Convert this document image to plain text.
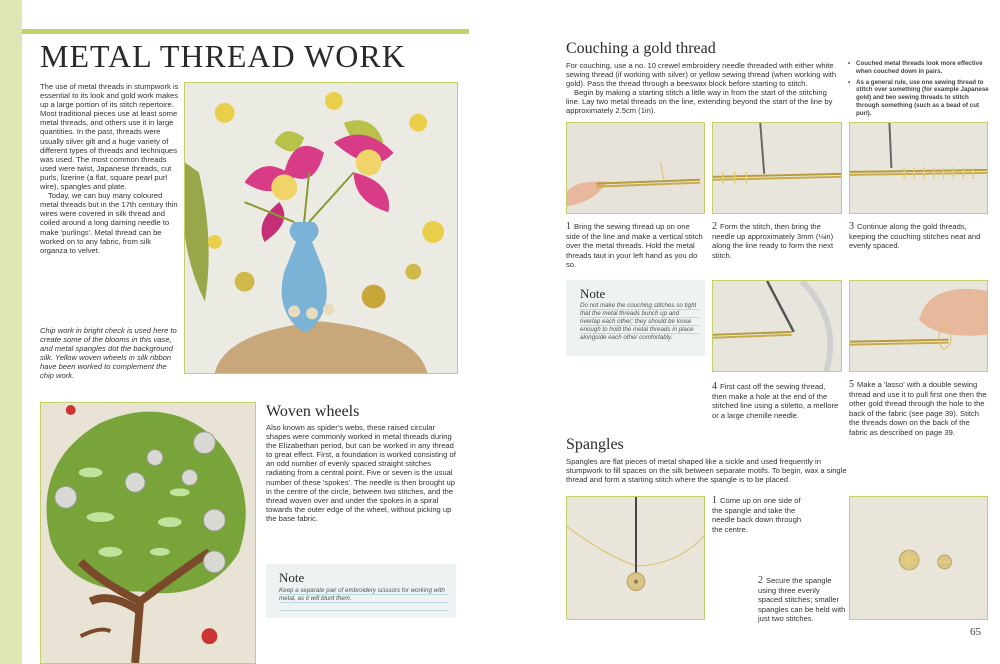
METAL THREAD WORK

The use of metal threads in stumpwork is essential to its look and gold work makes up a large portion of its stitch repertoire. Most traditional pieces use at least some metal threads, and others use it in large quantities. In the past, threads were usually silver gilt and a huge variety of different types of threads and techniques was used. The most common threads used were twist, Japanese threads, cut purls, lizerine (a flat, square pearl purl wire), spangles and plate.

Today, we can buy many coloured metal threads but in the 17th century thin wires were covered in silk thread and coiled around a long darning needle to make 'purlings'. Metal thread can be worked on to any fabric, from silk organza to velvet.

Chip work in bright check is used here to create some of the blooms in this vase, and metal spangles dot the background silk. Yellow woven wheels in silk ribbon have been worked to complement the chip work.
Woven wheels
Also known as spider's webs, these raised circular shapes were commonly worked in metal threads during the Elizabethan period, but can be worked in any thread to great effect. First, a foundation is worked consisting of an odd number of evenly spaced straight stitches radiating from a central point. Five or seven is the usual number of these 'spokes'. The needle is then brought up in the centre of the circle, between two stitches, and the thread woven over and under the spokes in a spiral towards the outer edge of the wheel, without picking up the base fabric.
Note
Keep a separate pair of embroidery scissors for working with metal, as it will blunt them.
Couching a gold thread

For couching, use a no. 10 crewel embroidery needle threaded with either white sewing thread (if working with silver) or yellow sewing thread (when working with gold). Pass the thread through a beeswax block before starting to stitch.

Begin by making a starting stitch a little way in from the start of the stitching line. Lay two metal threads on the line, extending beyond the start of the line by approximately 2.5cm (1in).

• Couched metal threads look more effective when couched down in pairs.
• As a general rule, use one sewing thread to stitch over something (for example Japanese gold) and two sewing threads to stitch through something (such as a bead of cut purl).
1 Bring the sewing thread up on one side of the line and make a vertical stitch over the metal threads. Hold the metal threads taut in your left hand as you do so.
2 Form the stitch, then bring the needle up approximately 3mm (⅛in) along the line ready to form the next stitch.
3 Continue along the gold threads, keeping the couching stitches neat and evenly spaced.
Note
Do not make the couching stitches so tight that the metal threads bunch up and overlap each other; they should be loose enough to hold the metal threads in place alongside each other comfortably.
4 First cast off the sewing thread, then make a hole at the end of the stitched line using a stiletto, a mellore or a large chenille needle.
5 Make a 'lasso' with a double sewing thread and use it to pull first one then the other gold thread through the hole to the back of the fabric (see page 39). Stitch the threads down on the back of the fabric as described on page 39.
Spangles
Spangles are flat pieces of metal shaped like a sickle and used frequently in stumpwork to fill spaces on the silk between separate motifs. To begin, wax a single thread and form a starting stitch where the spangle is to be placed.
1 Come up on one side of the spangle and take the needle back down through the centre.
2 Secure the spangle using three evenly spaced stitches; smaller spangles can be held with just two stitches.
65
